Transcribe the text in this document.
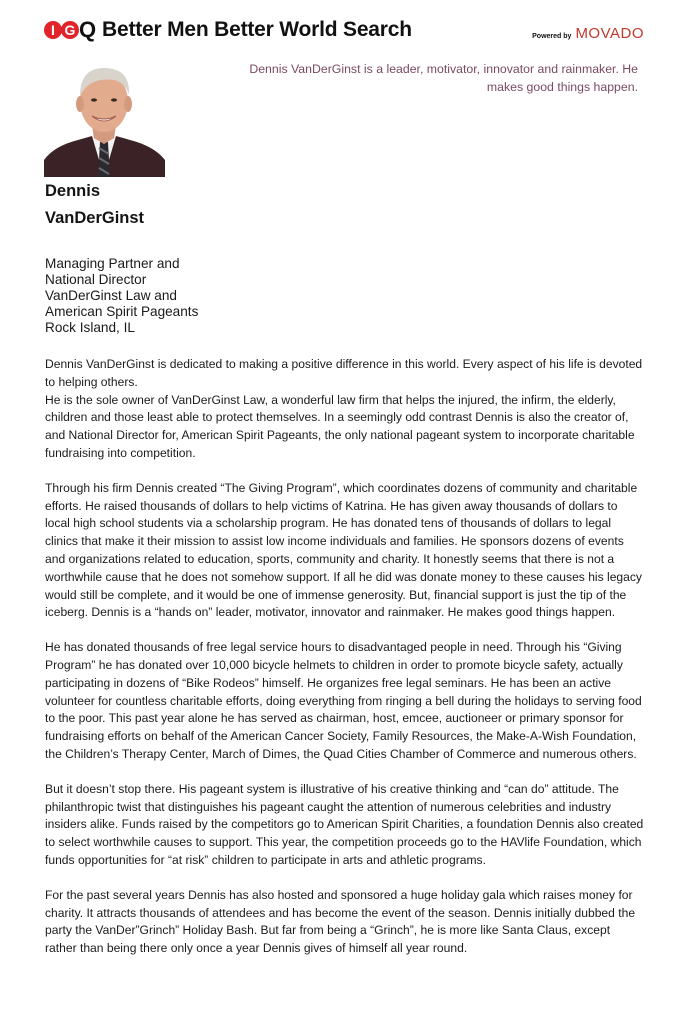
I G Q Better Men Better World Search	Powered by MOVADO
Dennis VanDerGinst is a leader, motivator, innovator and rainmaker. He makes good things happen.
Dennis
VanDerGinst
Managing Partner and
National Director
VanDerGinst Law and
American Spirit Pageants
Rock Island, IL

Dennis VanDerGinst is dedicated to making a positive difference in this world. Every aspect of his life is devoted to helping others.

He is the sole owner of VanDerGinst Law, a wonderful law firm that helps the injured, the infirm, the elderly, children and those least able to protect themselves. In a seemingly odd contrast Dennis is also the creator of, and National Director for, American Spirit Pageants, the only national pageant system to incorporate charitable fundraising into competition.

Through his firm Dennis created “The Giving Program”, which coordinates dozens of community and charitable efforts. He raised thousands of dollars to help victims of Katrina. He has given away thousands of dollars to local high school students via a scholarship program. He has donated tens of thousands of dollars to legal clinics that make it their mission to assist low income individuals and families. He sponsors dozens of events and organizations related to education, sports, community and charity. It honestly seems that there is not a worthwhile cause that he does not somehow support. If all he did was donate money to these causes his legacy would still be complete, and it would be one of immense generosity. But, financial support is just the tip of the iceberg. Dennis is a “hands on” leader, motivator, innovator and rainmaker. He makes good things happen.

He has donated thousands of free legal service hours to disadvantaged people in need. Through his “Giving Program” he has donated over 10,000 bicycle helmets to children in order to promote bicycle safety, actually participating in dozens of “Bike Rodeos” himself. He organizes free legal seminars. He has been an active volunteer for countless charitable efforts, doing everything from ringing a bell during the holidays to serving food to the poor. This past year alone he has served as chairman, host, emcee, auctioneer or primary sponsor for fundraising efforts on behalf of the American Cancer Society, Family Resources, the Make-A-Wish Foundation, the Children’s Therapy Center, March of Dimes, the Quad Cities Chamber of Commerce and numerous others.

But it doesn’t stop there. His pageant system is illustrative of his creative thinking and “can do” attitude. The philanthropic twist that distinguishes his pageant caught the attention of numerous celebrities and industry insiders alike. Funds raised by the competitors go to American Spirit Charities, a foundation Dennis also created to select worthwhile causes to support. This year, the competition proceeds go to the HAVlife Foundation, which funds opportunities for “at risk” children to participate in arts and athletic programs.

For the past several years Dennis has also hosted and sponsored a huge holiday gala which raises money for charity. It attracts thousands of attendees and has become the event of the season. Dennis initially dubbed the party the VanDer”Grinch” Holiday Bash. But far from being a “Grinch”, he is more like Santa Claus, except rather than being there only once a year Dennis gives of himself all year round.
